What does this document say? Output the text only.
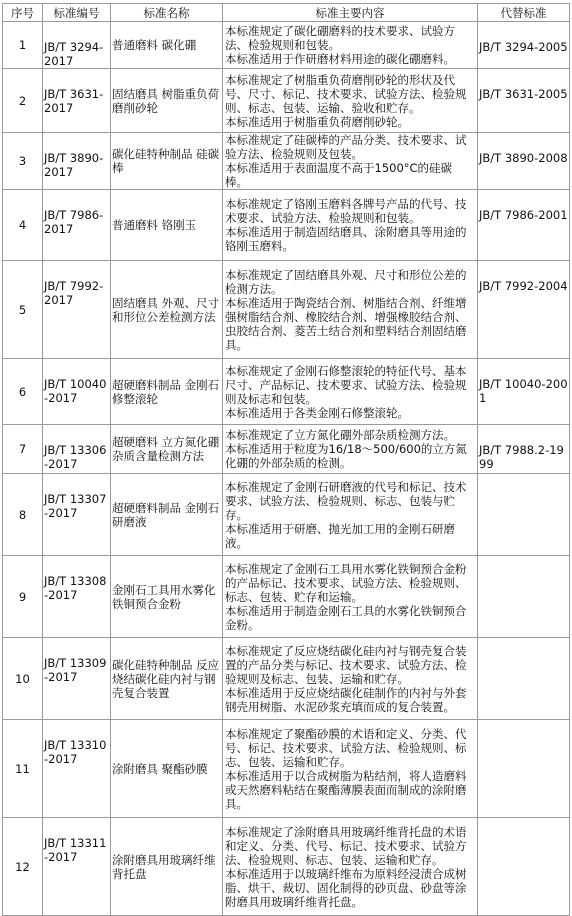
序号	标准编号	标准名称	标准主要内容	代替标准
1	JB/T 3294-2017	普通磨料 碳化硼	本标准规定了碳化硼磨料的技术要求、试验方法、检验规则和包装。
本标准适用于作研磨材料用途的碳化硼磨料。	JB/T 3294-2005
2	JB/T 3631-2017	固结磨具 树脂重负荷磨削砂轮	本标准规定了树脂重负荷磨削砂轮的形状及代号、尺寸、标记、技术要求、试验方法、检验规则、标志、包装、运输、验收和贮存。
本标准适用于树脂重负荷磨削砂轮。	JB/T 3631-2005
3	JB/T 3890-2017	碳化硅特种制品 硅碳棒	本标准规定了硅碳棒的产品分类、技术要求、试验方法、检验规则及包装。
本标准适用于表面温度不高于1500°C的硅碳棒。	JB/T 3890-2008
4	JB/T 7986-2017	普通磨料 铬刚玉	本标准规定了铬刚玉磨料各牌号产品的代号、技术要求、试验方法、检验规则和包装。
本标准适用于制造固结磨具、涂附磨具等用途的铬刚玉磨料。	JB/T 7986-2001
5	JB/T 7992-2017	固结磨具 外观、尺寸和形位公差检测方法	本标准规定了固结磨具外观、尺寸和形位公差的检测方法。
本标准适用于陶瓷结合剂、树脂结合剂、纤维增强树脂结合剂、橡胶结合剂、增强橡胶结合剂、虫胶结合剂、菱苦土结合剂和塑料结合剂固结磨具。	JB/T 7992-2004
6	JB/T 10040-2017	超硬磨料制品 金刚石修整滚轮	本标准规定了金刚石修整滚轮的特征代号、基本尺寸、产品标记、技术要求、试验方法、检验规则及标志和包装。
本标准适用于各类金刚石修整滚轮。	JB/T 10040-2001
7	JB/T 13306-2017	超硬磨料 立方氮化硼杂质含量检测方法	本标准规定了立方氮化硼外部杂质检测方法。
本标准适用于粒度为16/18～500/600的立方氮化硼的外部杂质的检测。	JB/T 7988.2-1999
8	JB/T 13307-2017	超硬磨料制品 金刚石研磨液	本标准规定了金刚石研磨液的代号和标记、技术要求、试验方法、检验规则、标志、包装与贮存。
本标准适用于研磨、抛光加工用的金刚石研磨液。	

9	JB/T 13308-2017	金刚石工具用水雾化铁铜预合金粉	本标准规定了金刚石工具用水雾化铁铜预合金粉的产品标记、技术要求、试验方法、检验规则、标志、包装、贮存和运输。
本标准适用于制造金刚石工具的水雾化铁铜预合金粉。	

10	JB/T 13309-2017	碳化硅特种制品 反应烧结碳化硅内衬与钢壳复合装置	本标准规定了反应烧结碳化硅内衬与钢壳复合装置的产品分类与标记、技术要求、试验方法、检验规则及标志、包装、运输和贮存。
本标准适用于反应烧结碳化硅制作的内衬与外套钢壳用树脂、水泥砂浆充填而成的复合装置。	

11	JB/T 13310-2017	涂附磨具 聚酯砂膜	本标准规定了聚酯砂膜的术语和定义、分类、代号、标记、技术要求、试验方法、检验规则、标志、包装、运输和贮存。
本标准适用于以合成树脂为粘结剂，将人造磨料或天然磨料粘结在聚酯薄膜表面而制成的涂附磨具。	

12	JB/T 13311-2017	涂附磨具用玻璃纤维背托盘	本标准规定了涂附磨具用玻璃纤维背托盘的术语和定义、分类、代号、标记、技术要求、试验方法、检验规则、标志、包装、运输和贮存。
本标准适用于以玻璃纤维布为原料经浸渍合成树脂、烘干、裁切、固化制得的砂页盘、砂盘等涂附磨具用玻璃纤维背托盘。	
